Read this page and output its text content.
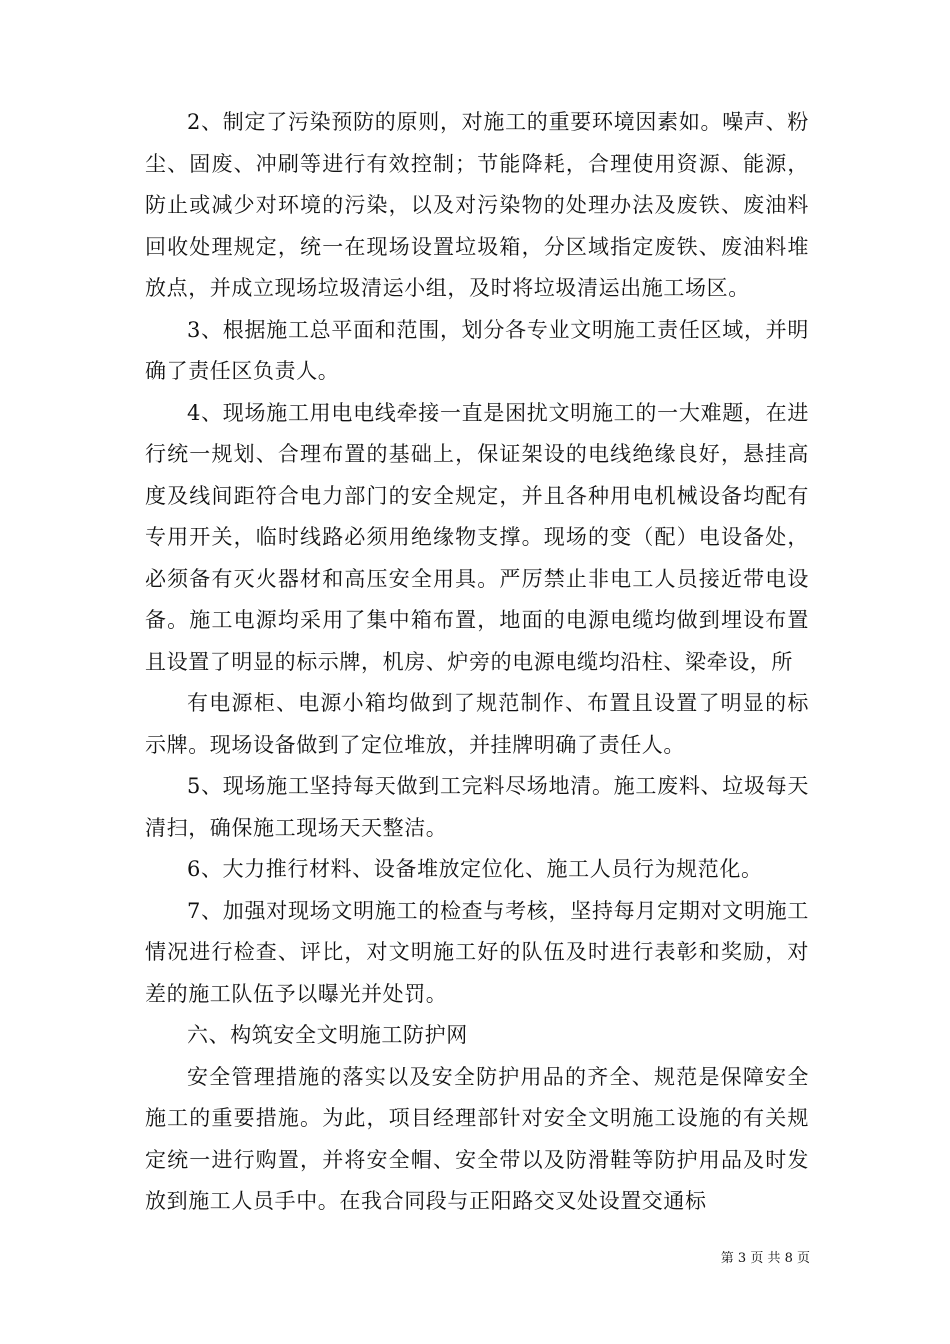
2、制定了污染预防的原则，对施工的重要环境因素如。噪声、粉尘、固废、冲刷等进行有效控制；节能降耗，合理使用资源、能源，防止或减少对环境的污染，以及对污染物的处理办法及废铁、废油料回收处理规定，统一在现场设置垃圾箱，分区域指定废铁、废油料堆放点，并成立现场垃圾清运小组，及时将垃圾清运出施工场区。

3、根据施工总平面和范围，划分各专业文明施工责任区域，并明确了责任区负责人。

4、现场施工用电电线牵接一直是困扰文明施工的一大难题，在进行统一规划、合理布置的基础上，保证架设的电线绝缘良好，悬挂高度及线间距符合电力部门的安全规定，并且各种用电机械设备均配有专用开关，临时线路必须用绝缘物支撑。现场的变（配）电设备处，必须备有灭火器材和高压安全用具。严厉禁止非电工人员接近带电设备。施工电源均采用了集中箱布置，地面的电源电缆均做到埋设布置且设置了明显的标示牌，机房、炉旁的电源电缆均沿柱、梁牵设，所

有电源柜、电源小箱均做到了规范制作、布置且设置了明显的标示牌。现场设备做到了定位堆放，并挂牌明确了责任人。

5、现场施工坚持每天做到工完料尽场地清。施工废料、垃圾每天清扫，确保施工现场天天整洁。

6、大力推行材料、设备堆放定位化、施工人员行为规范化。

7、加强对现场文明施工的检查与考核，坚持每月定期对文明施工情况进行检查、评比，对文明施工好的队伍及时进行表彰和奖励，对差的施工队伍予以曝光并处罚。

六、构筑安全文明施工防护网

安全管理措施的落实以及安全防护用品的齐全、规范是保障安全施工的重要措施。为此，项目经理部针对安全文明施工设施的有关规定统一进行购置，并将安全帽、安全带以及防滑鞋等防护用品及时发放到施工人员手中。在我合同段与正阳路交叉处设置交通标

第 3 页 共 8 页
